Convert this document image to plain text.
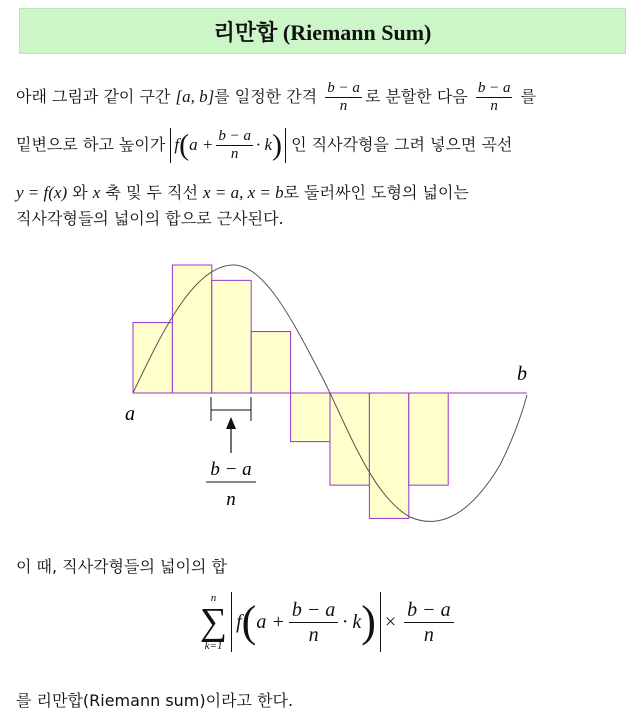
리만합 (Riemann Sum)
아래 그림과 같이 구간 [a, b]를 일정한 간격 $\frac{b - a}{n}$ 로 분할한 다음 $\frac{b - a}{n}$ 를
밑변으로 하고 높이가 $f(a + \frac{b - a}{n} \cdot k)$ 인 직사각형을 그려 넣으면 곡선
y = f(x) 와 x 축 및 두 직선 x = a, x = b로 둘러싸인 도형의 넓이는
직사각형들의 넓이의 합으로 근사된다.
a
b
b − a
n
이 때, 직사각형들의 넓이의 합
n
∑
k=1
f ( $a + \frac{b - a}{n} \cdot k$ ) × $\frac{b - a}{n}$
를 리만합(Riemann sum)이라고 한다.
